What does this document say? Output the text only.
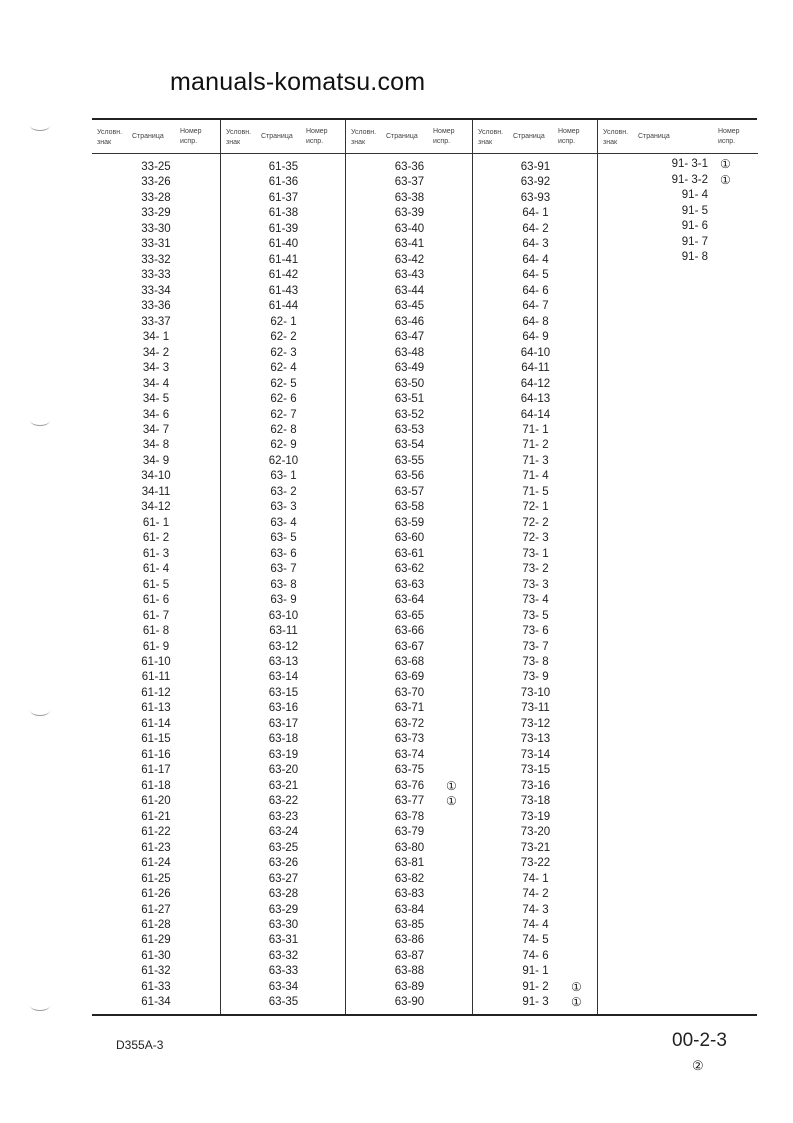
Условн. знак
Страница
Номер испр.
33-25
33-26
33-28
33-29
33-30
33-31
33-32
33-33
33-34
33-36
33-37
34- 1
34- 2
34- 3
34- 4
34- 5
34- 6
34- 7
34- 8
34- 9
34-10
34-11
34-12
61- 1
61- 2
61- 3
61- 4
61- 5
61- 6
61- 7
61- 8
61- 9
61-10
61-11
61-12
61-13
61-14
61-15
61-16
61-17
61-18
61-20
61-21
61-22
61-23
61-24
61-25
61-26
61-27
61-28
61-29
61-30
61-32
61-33
61-34
Условн. знак
Страница
Номер испр.
61-35
61-36
61-37
61-38
61-39
61-40
61-41
61-42
61-43
61-44
62- 1
62- 2
62- 3
62- 4
62- 5
62- 6
62- 7
62- 8
62- 9
62-10
63- 1
63- 2
63- 3
63- 4
63- 5
63- 6
63- 7
63- 8
63- 9
63-10
63-11
63-12
63-13
63-14
63-15
63-16
63-17
63-18
63-19
63-20
63-21
63-22
63-23
63-24
63-25
63-26
63-27
63-28
63-29
63-30
63-31
63-32
63-33
63-34
63-35
Условн. знак
Страница
Номер испр.
63-36
63-37
63-38
63-39
63-40
63-41
63-42
63-43
63-44
63-45
63-46
63-47
63-48
63-49
63-50
63-51
63-52
63-53
63-54
63-55
63-56
63-57
63-58
63-59
63-60
63-61
63-62
63-63
63-64
63-65
63-66
63-67
63-68
63-69
63-70
63-71
63-72
63-73
63-74
63-75
63-76	①
63-77	①
63-78
63-79
63-80
63-81
63-82
63-83
63-84
63-85
63-86
63-87
63-88
63-89
63-90
Условн. знак
Страница
Номер испр.
63-91
63-92
63-93
64- 1
64- 2
64- 3
64- 4
64- 5
64- 6
64- 7
64- 8
64- 9
64-10
64-11
64-12
64-13
64-14
71- 1
71- 2
71- 3
71- 4
71- 5
72- 1
72- 2
72- 3
73- 1
73- 2
73- 3
73- 4
73- 5
73- 6
73- 7
73- 8
73- 9
73-10
73-11
73-12
73-13
73-14
73-15
73-16
73-18
73-19
73-20
73-21
73-22
74- 1
74- 2
74- 3
74- 4
74- 5
74- 6
91- 1
91- 2	①
91- 3	①
Условн. знак
Страница
Номер испр.
91- 3-1 ①
91- 3-2 ①
91- 4
91- 5
91- 6
91- 7
91- 8
manuals-komatsu.com
D355A-3	00-2-3
②
